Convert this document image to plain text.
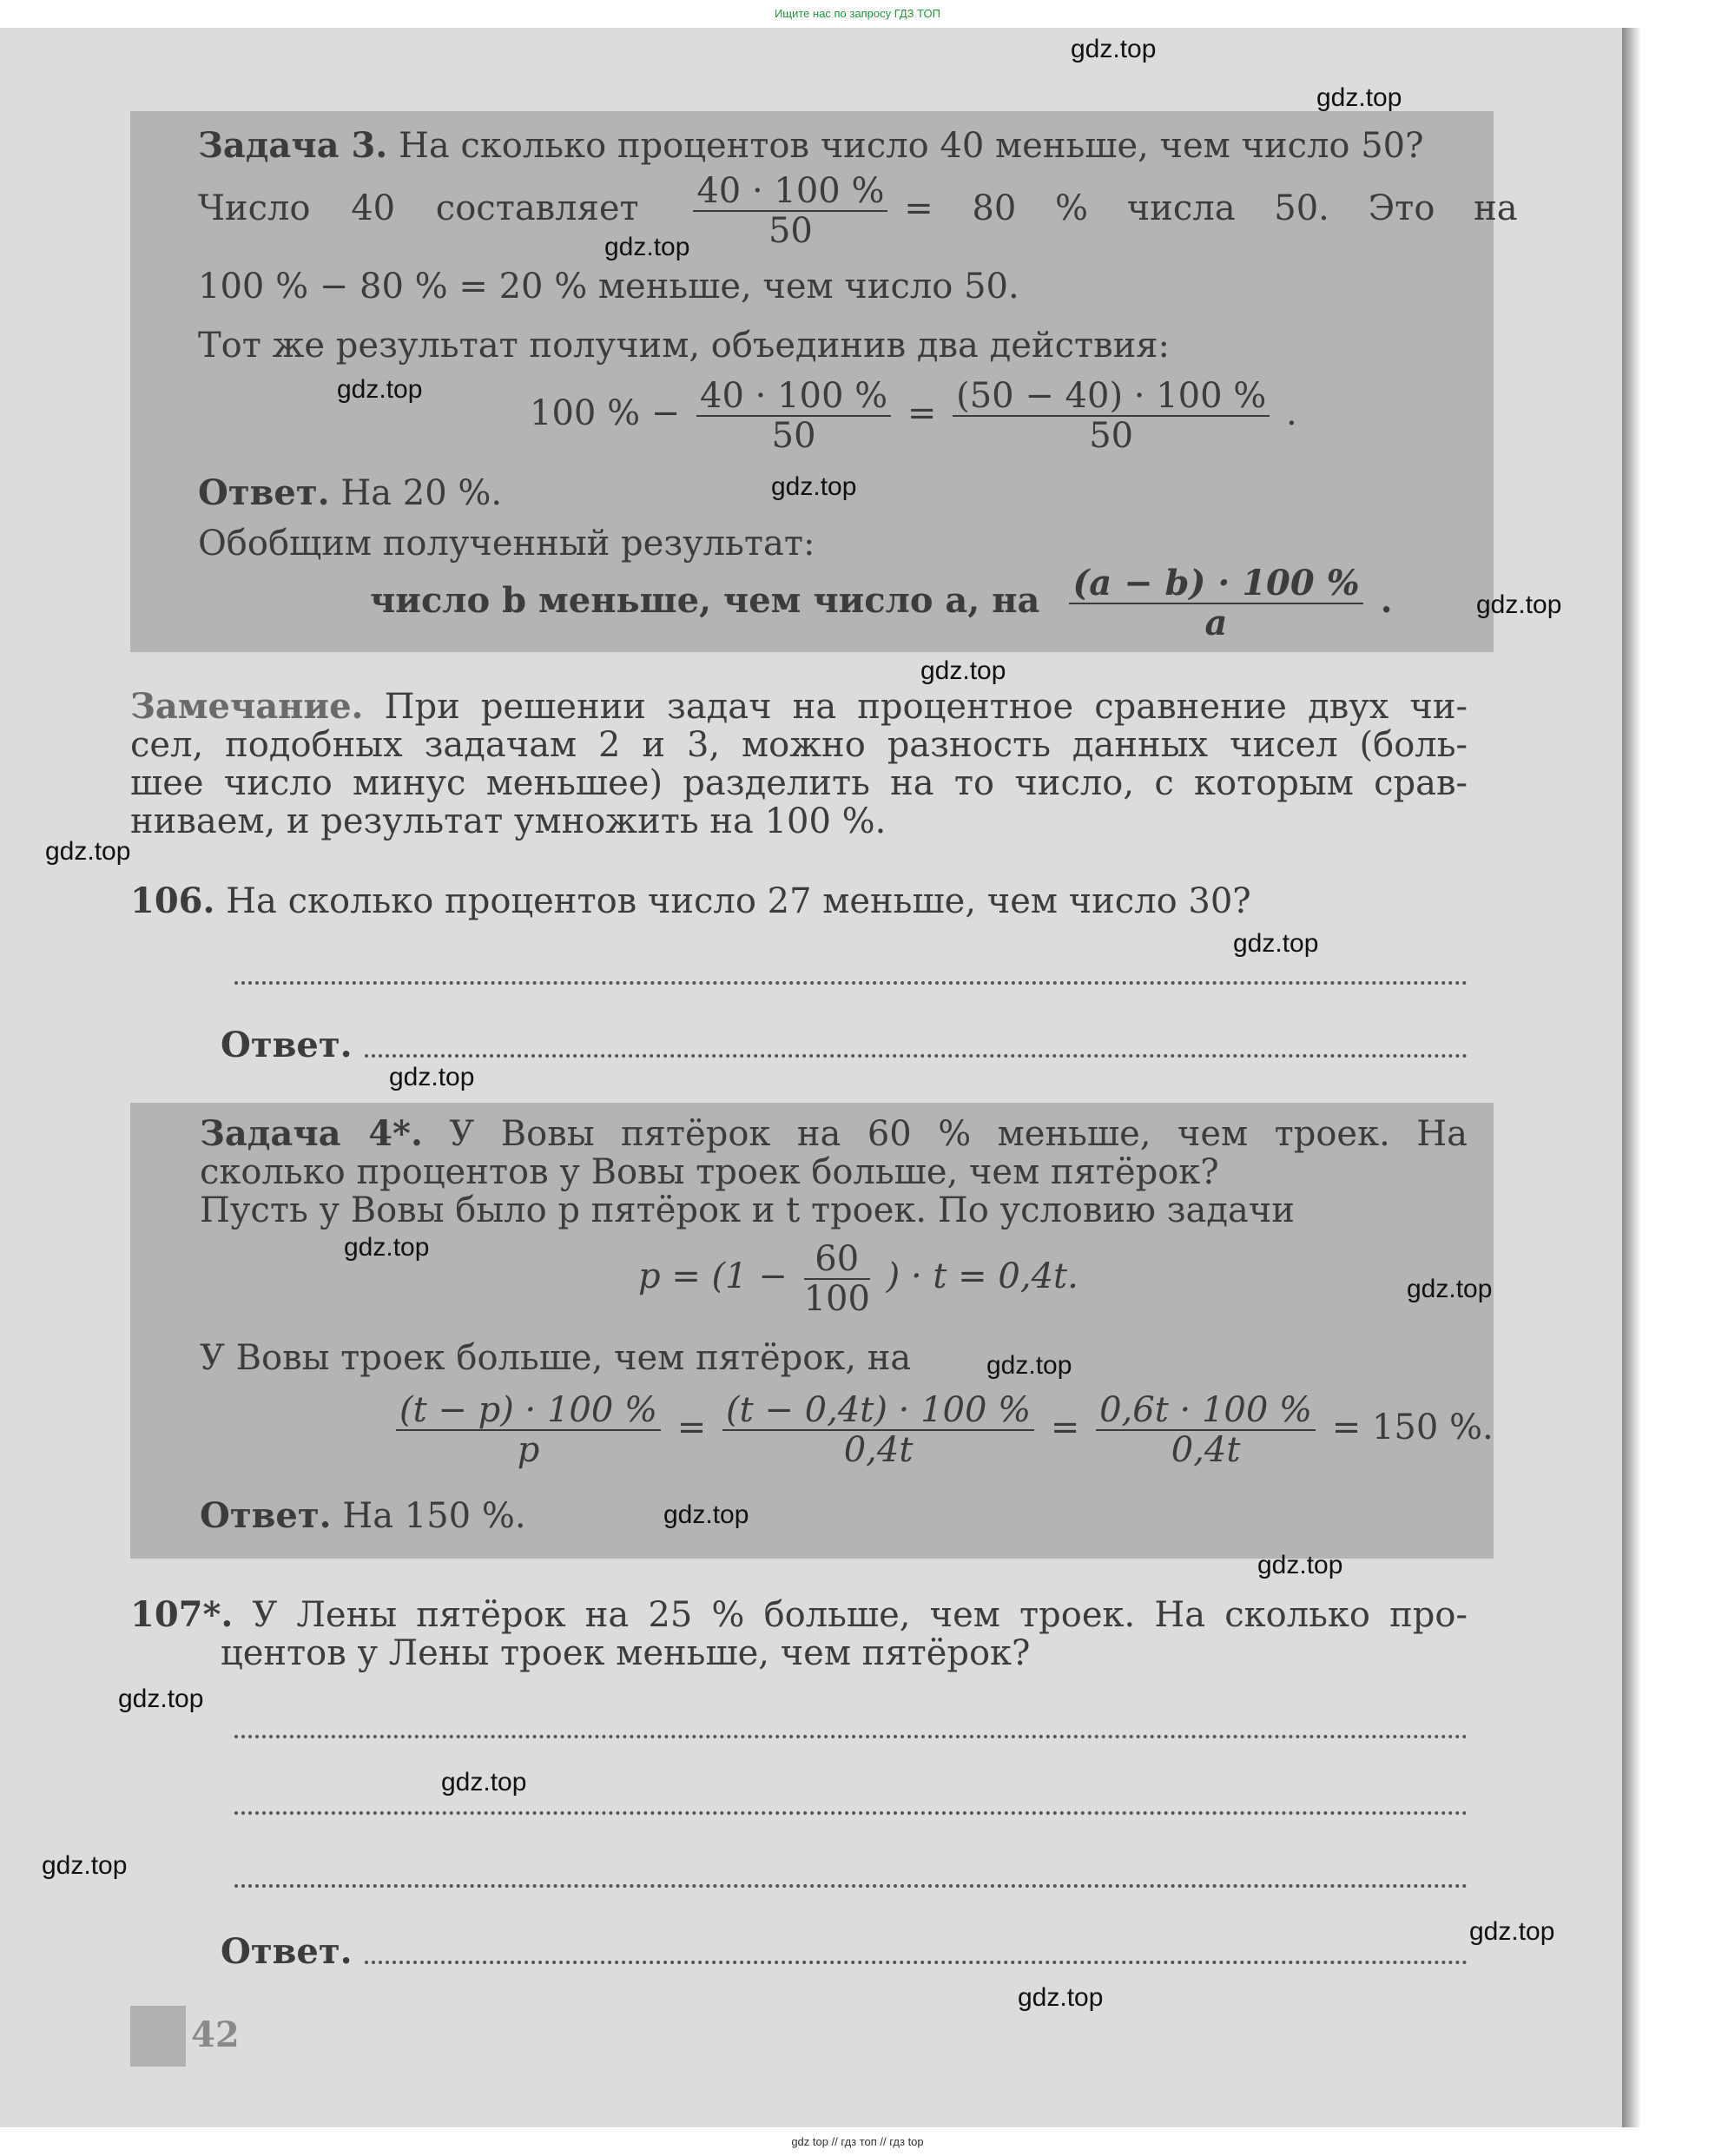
Ищите нас по запросу ГДЗ ТОП
Задача 3. На сколько процентов число 40 меньше, чем число 50?
Число 40 составляет $\frac{40 \cdot 100 \%}{50} = 80$ % числа 50. Это на
100 % − 80 % = 20 % меньше, чем число 50.
Тот же результат получим, объединив два действия:
100 % − $\frac{40 \cdot 100 \%}{50} = \frac{(50 - 40) \cdot 100 \%}{50}$ .
Ответ. На 20 %.
Обобщим полученный результат:
число b меньше, чем число a, на $\frac{(a - b) \cdot 100 \%}{a}$ .
Замечание. При решении задач на процентное сравнение двух чи-
сел, подобных задачам 2 и 3, можно разность данных чисел (боль-
шее число минус меньшее) разделить на то число, с которым срав-
ниваем, и результат умножить на 100 %.
106. На сколько процентов число 27 меньше, чем число 30?
Ответ.
Задача 4*. У Вовы пятёрок на 60 % меньше, чем троек. На
сколько процентов у Вовы троек больше, чем пятёрок?
Пусть у Вовы было p пятёрок и t троек. По условию задачи
$p = (1 - \frac{60}{100}$ ) · t = 0,4t.
У Вовы троек больше, чем пятёрок, на
$\frac{(t - p) \cdot 100 \%}{p} = \frac{(t - 0,4t) \cdot 100 \%}{0,4t} = \frac{0,6t \cdot 100 \%}{0,4t} = 150$ %.
Ответ. На 150 %.
107*. У Лены пятёрок на 25 % больше, чем троек. На сколько про-
центов у Лены троек меньше, чем пятёрок?
Ответ.
42
gdz.top
gdz.top
gdz.top
gdz.top
gdz.top
gdz.top
gdz.top
gdz.top
gdz.top
gdz.top
gdz.top
gdz.top
gdz.top
gdz.top
gdz.top
gdz.top
gdz.top
gdz.top
gdz.top
gdz.top
gdz top // гдз топ // гдз top
